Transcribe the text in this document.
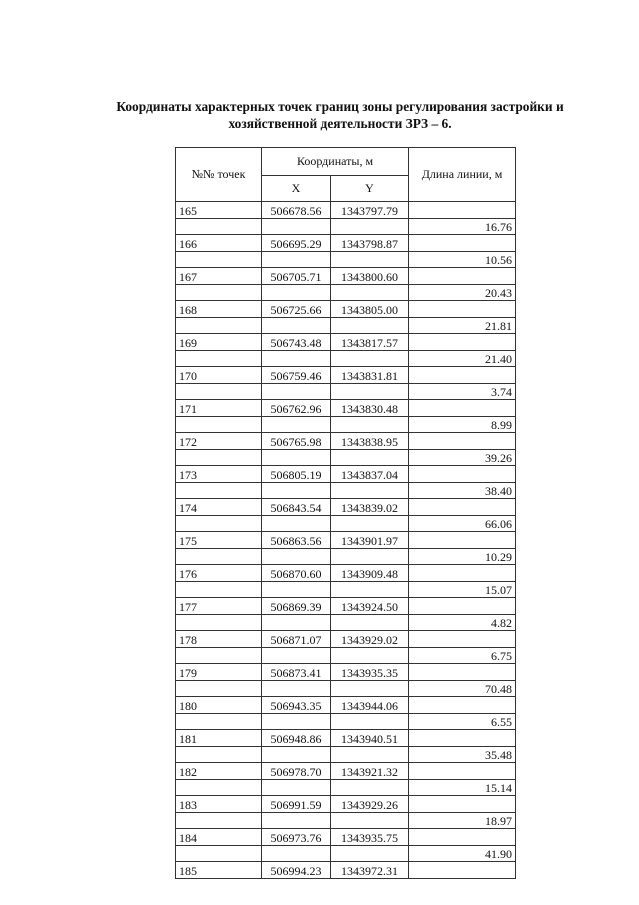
Координаты характерных точек границ зоны регулирования застройки и
хозяйственной деятельности ЗРЗ – 6.
№№ точек	Координаты, м		Длина линии, м
	X	Y	
165	506678.56	1343797.79	
			16.76
166	506695.29	1343798.87	
			10.56
167	506705.71	1343800.60	
			20.43
168	506725.66	1343805.00	
			21.81
169	506743.48	1343817.57	
			21.40
170	506759.46	1343831.81	
			3.74
171	506762.96	1343830.48	
			8.99
172	506765.98	1343838.95	
			39.26
173	506805.19	1343837.04	
			38.40
174	506843.54	1343839.02	
			66.06
175	506863.56	1343901.97	
			10.29
176	506870.60	1343909.48	
			15.07
177	506869.39	1343924.50	
			4.82
178	506871.07	1343929.02	
			6.75
179	506873.41	1343935.35	
			70.48
180	506943.35	1343944.06	
			6.55
181	506948.86	1343940.51	
			35.48
182	506978.70	1343921.32	
			15.14
183	506991.59	1343929.26	
			18.97
184	506973.76	1343935.75	
			41.90
185	506994.23	1343972.31	
